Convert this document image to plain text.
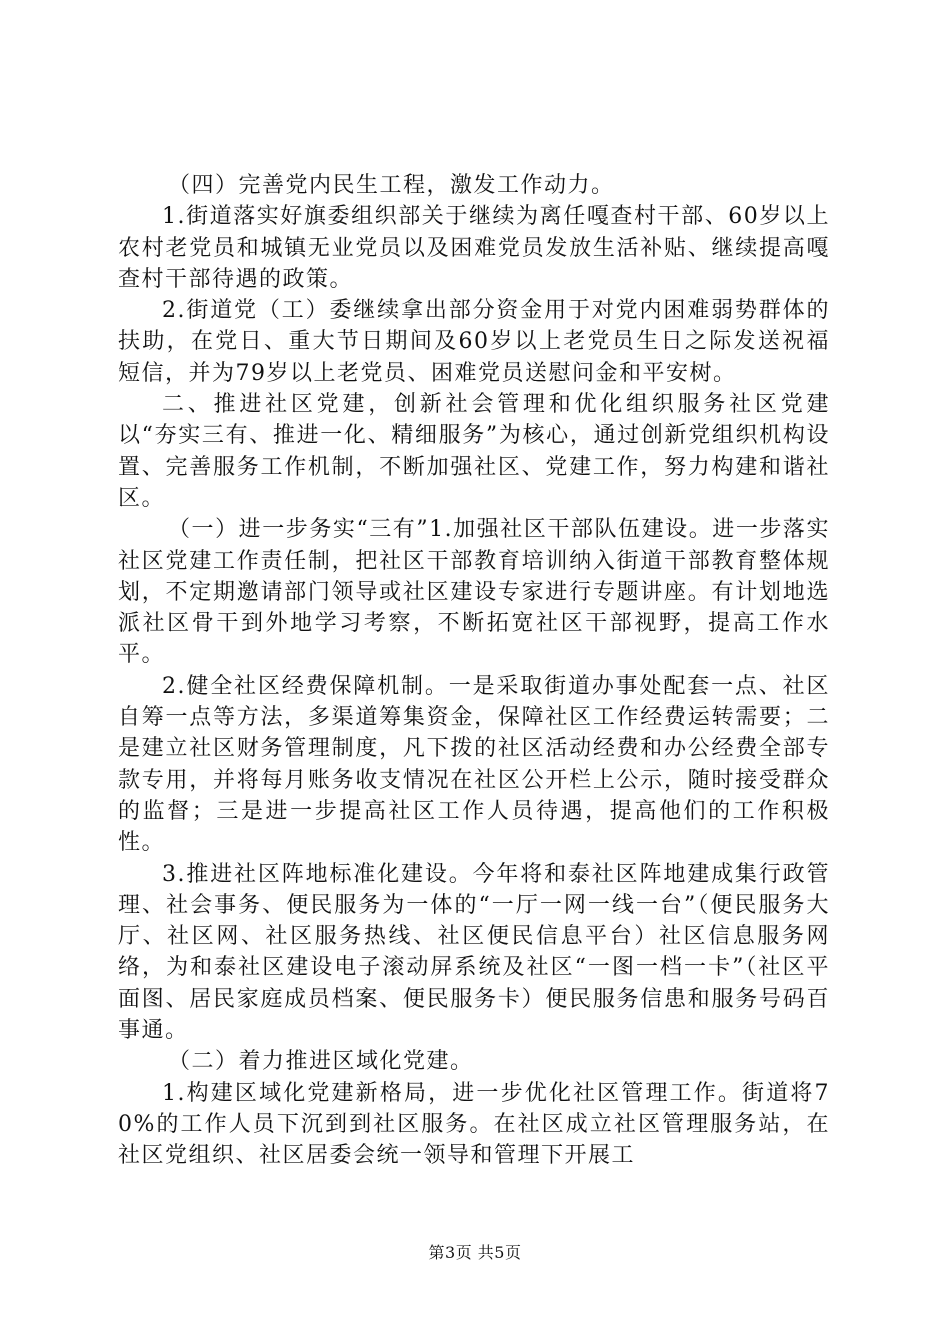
（四）完善党内民生工程，激发工作动力。

1.街道落实好旗委组织部关于继续为离任嘎查村干部、60岁以上农村老党员和城镇无业党员以及困难党员发放生活补贴、继续提高嘎查村干部待遇的政策。

2.街道党（工）委继续拿出部分资金用于对党内困难弱势群体的扶助，在党日、重大节日期间及60岁以上老党员生日之际发送祝福短信，并为79岁以上老党员、困难党员送慰问金和平安树。

二、推进社区党建，创新社会管理和优化组织服务社区党建以“夯实三有、推进一化、精细服务”为核心，通过创新党组织机构设置、完善服务工作机制，不断加强社区、党建工作，努力构建和谐社区。

（一）进一步务实“三有”1.加强社区干部队伍建设。进一步落实社区党建工作责任制，把社区干部教育培训纳入街道干部教育整体规划，不定期邀请部门领导或社区建设专家进行专题讲座。有计划地选派社区骨干到外地学习考察，不断拓宽社区干部视野，提高工作水平。

2.健全社区经费保障机制。一是采取街道办事处配套一点、社区自筹一点等方法，多渠道筹集资金，保障社区工作经费运转需要；二是建立社区财务管理制度，凡下拨的社区活动经费和办公经费全部专款专用，并将每月账务收支情况在社区公开栏上公示，随时接受群众的监督；三是进一步提高社区工作人员待遇，提高他们的工作积极性。

3.推进社区阵地标准化建设。今年将和泰社区阵地建成集行政管理、社会事务、便民服务为一体的“一厅一网一线一台”（便民服务大厅、社区网、社区服务热线、社区便民信息平台）社区信息服务网络，为和泰社区建设电子滚动屏系统及社区“一图一档一卡”（社区平面图、居民家庭成员档案、便民服务卡）便民服务信患和服务号码百事通。

（二）着力推进区域化党建。

1.构建区域化党建新格局，进一步优化社区管理工作。街道将70%的工作人员下沉到到社区服务。在社区成立社区管理服务站，在社区党组织、社区居委会统一领导和管理下开展工

第3页 共5页
